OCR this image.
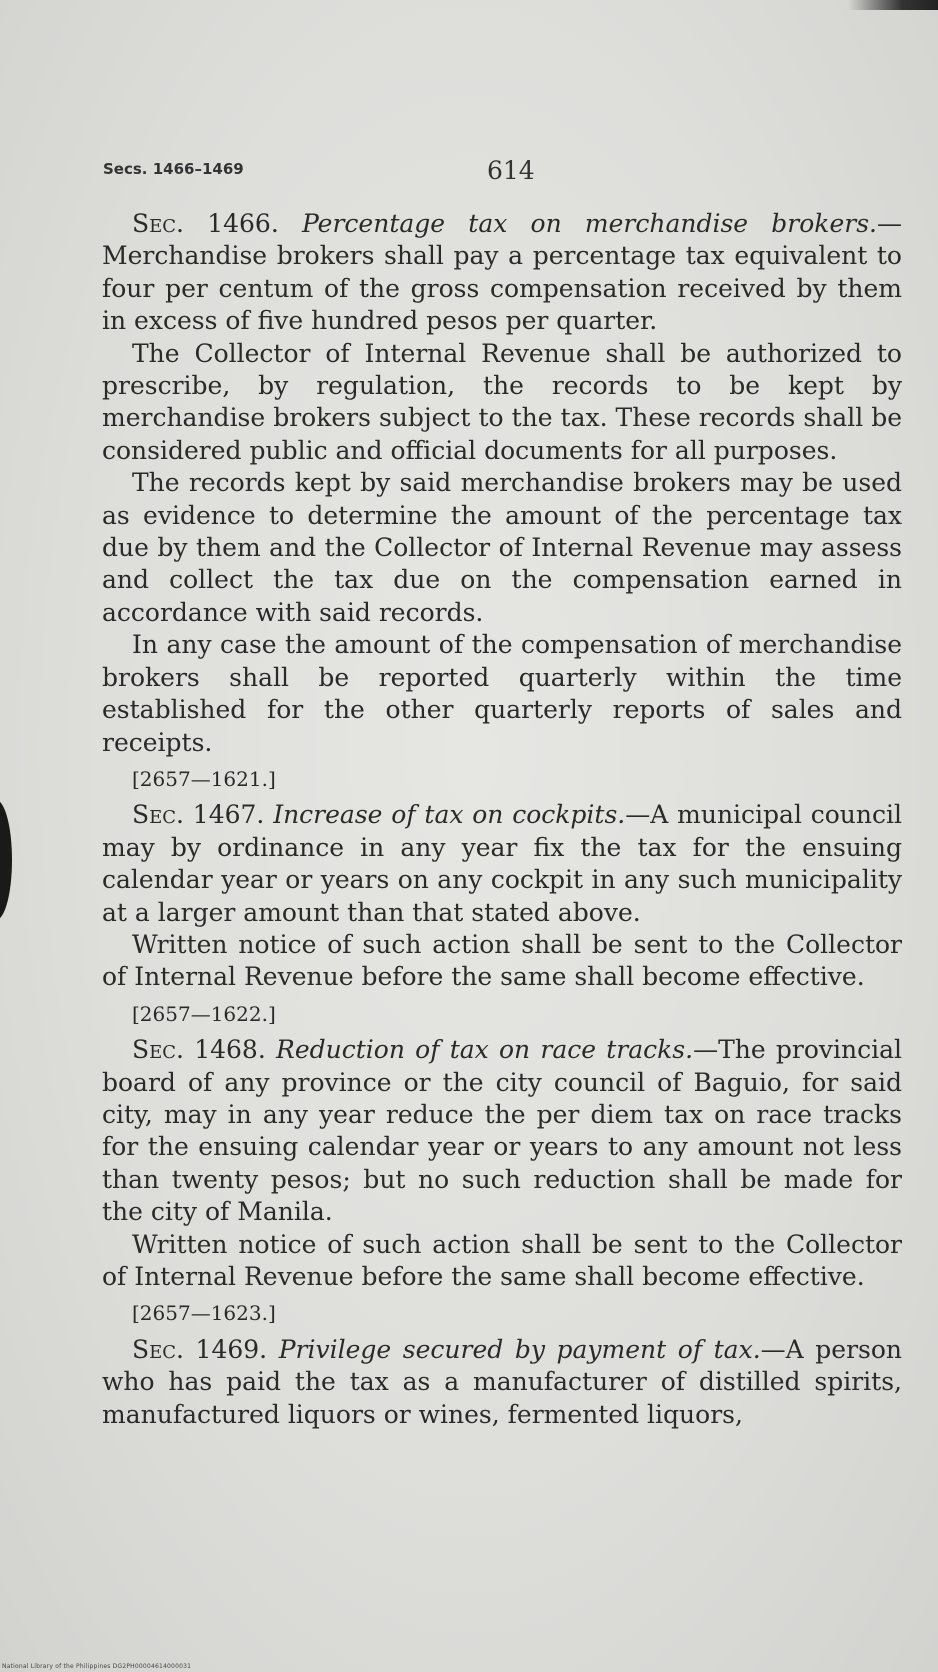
Secs. 1466–1469	614

Sec. 1466. Percentage tax on merchandise brokers.—Merchandise brokers shall pay a percentage tax equivalent to four per centum of the gross compensation received by them in excess of five hundred pesos per quarter.

The Collector of Internal Revenue shall be authorized to prescribe, by regulation, the records to be kept by merchandise brokers subject to the tax. These records shall be considered public and official documents for all purposes.

The records kept by said merchandise brokers may be used as evidence to determine the amount of the percentage tax due by them and the Collector of Internal Revenue may assess and collect the tax due on the compensation earned in accordance with said records.

In any case the amount of the compensation of merchandise brokers shall be reported quarterly within the time established for the other quarterly reports of sales and receipts.

[2657—1621.]

Sec. 1467. Increase of tax on cockpits.—A municipal council may by ordinance in any year fix the tax for the ensuing calendar year or years on any cockpit in any such municipality at a larger amount than that stated above.

Written notice of such action shall be sent to the Collector of Internal Revenue before the same shall become effective.

[2657—1622.]

Sec. 1468. Reduction of tax on race tracks.—The provincial board of any province or the city council of Baguio, for said city, may in any year reduce the per diem tax on race tracks for the ensuing calendar year or years to any amount not less than twenty pesos; but no such reduction shall be made for the city of Manila.

Written notice of such action shall be sent to the Collector of Internal Revenue before the same shall become effective.

[2657—1623.]

Sec. 1469. Privilege secured by payment of tax.—A person who has paid the tax as a manufacturer of distilled spirits, manufactured liquors or wines, fermented liquors,

National Library of the Philippines DG2PH00004614000031
